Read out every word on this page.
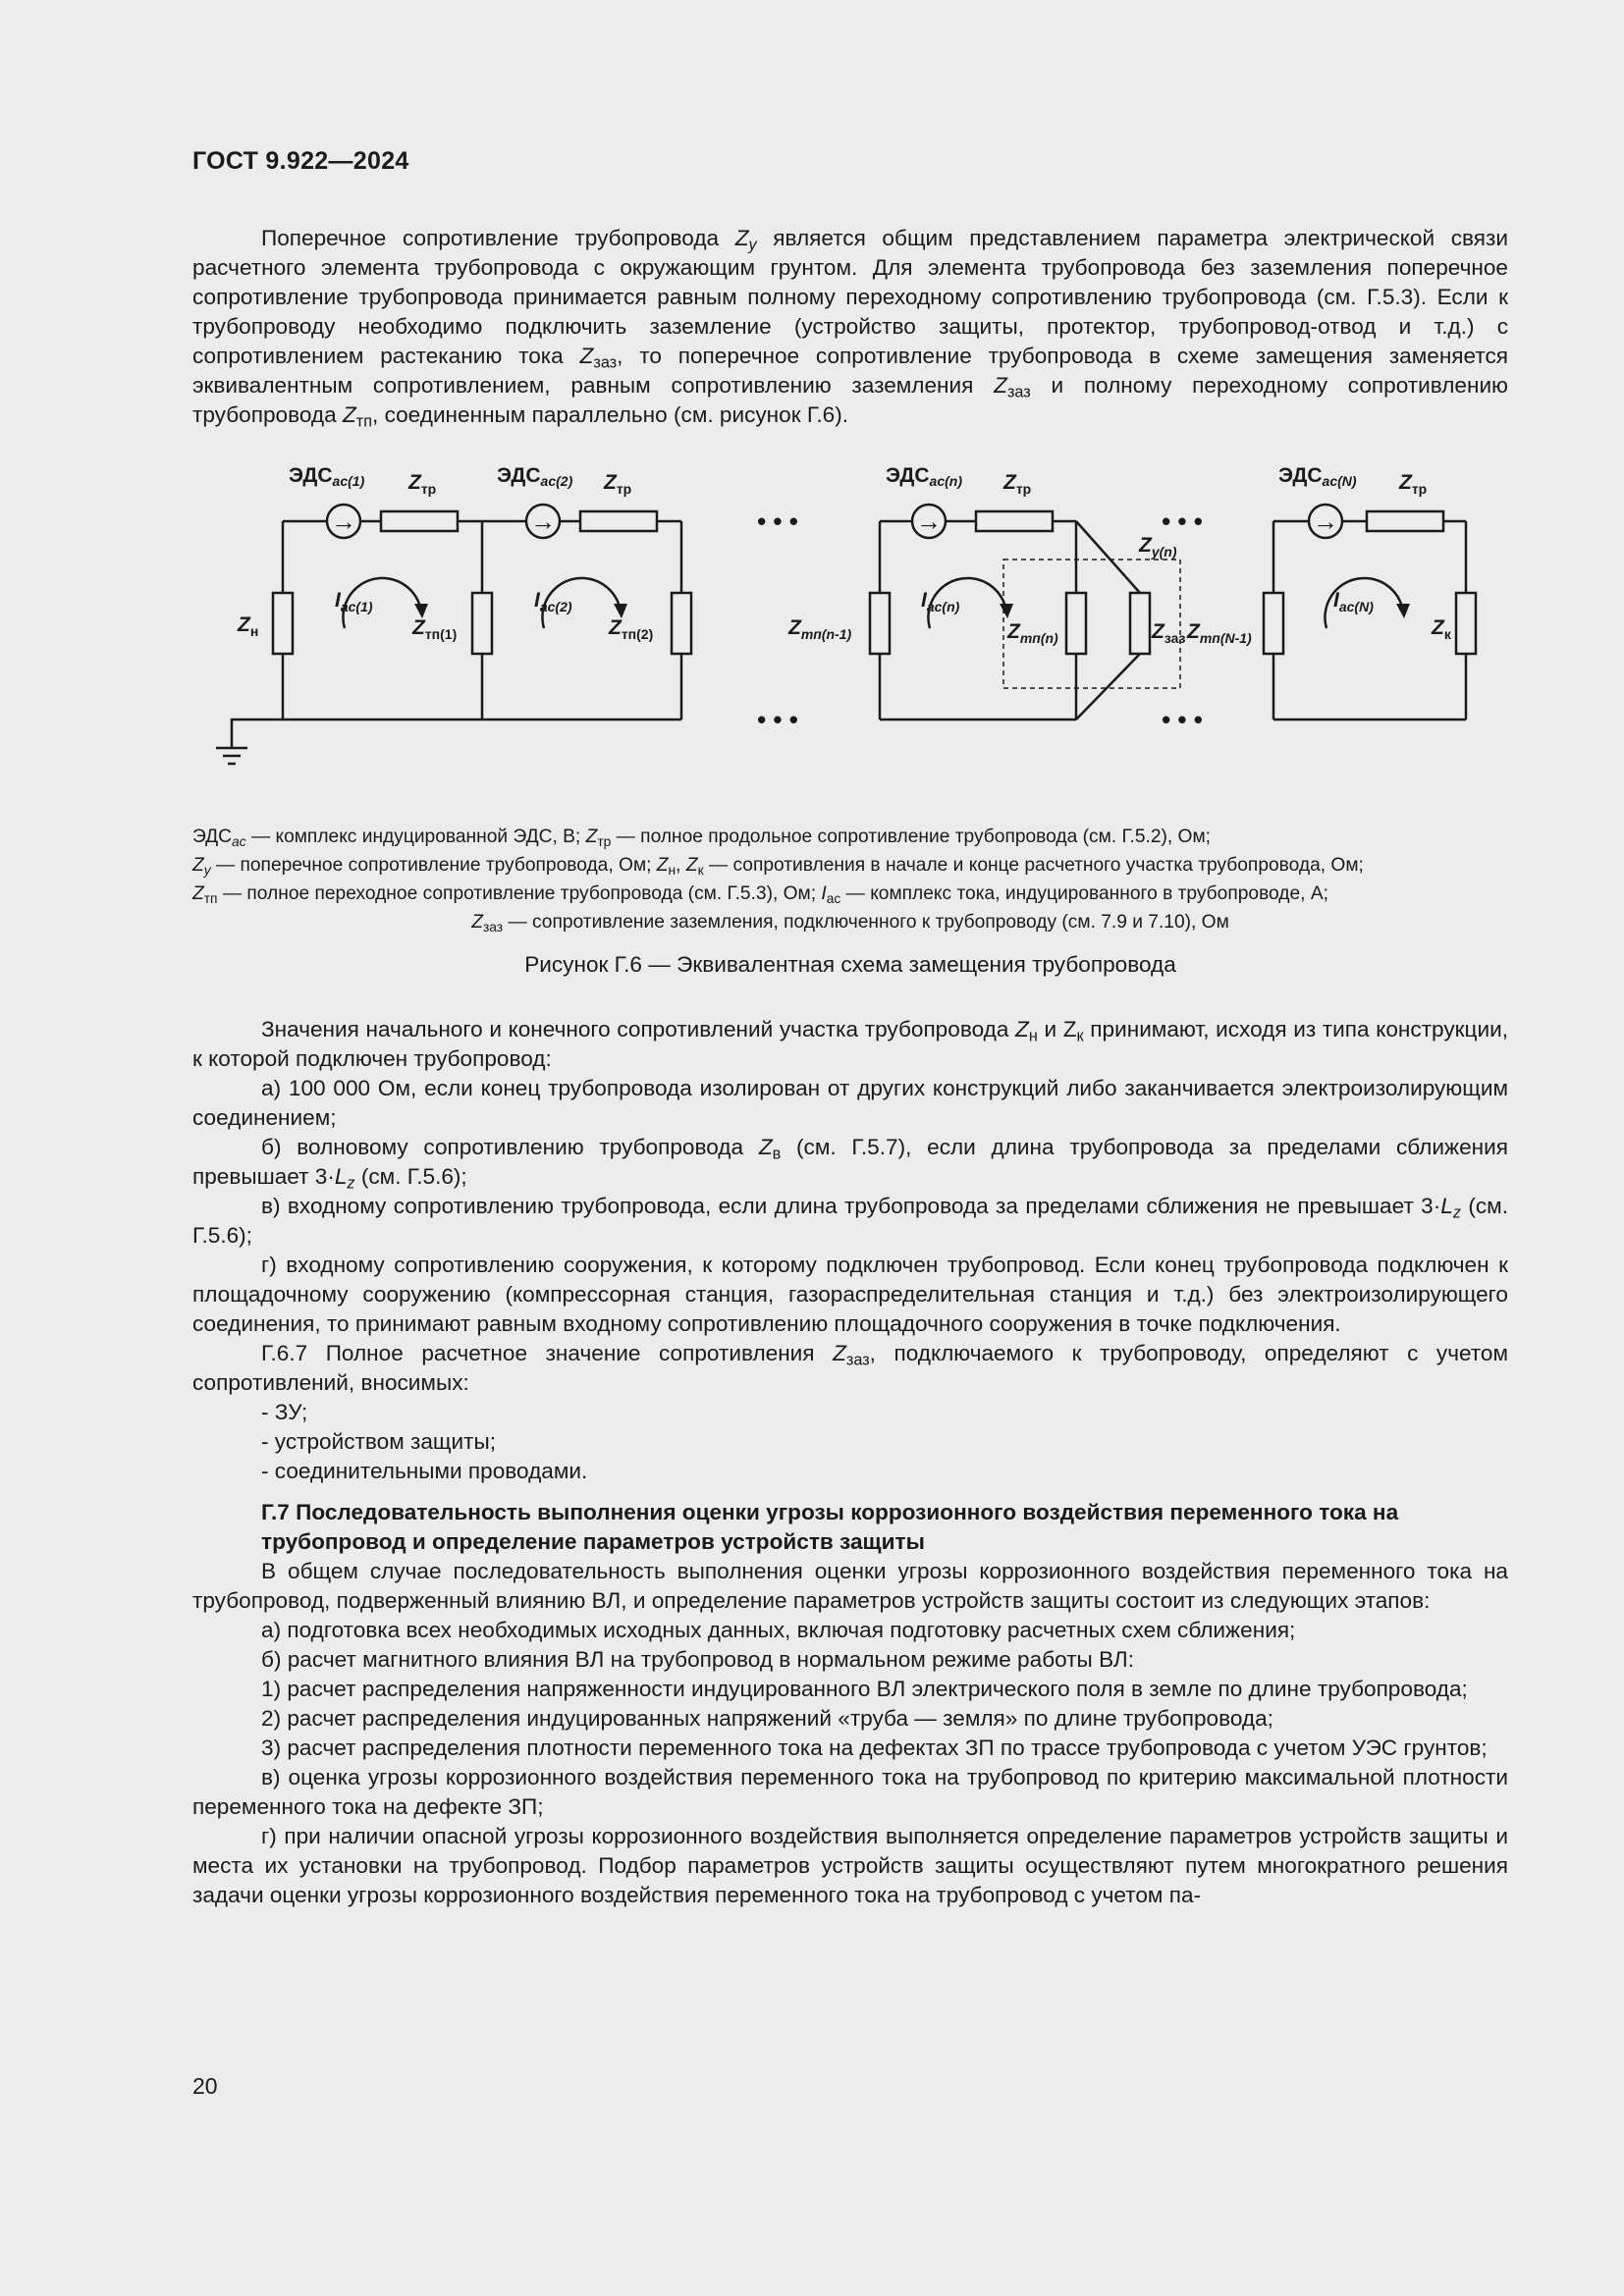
ГОСТ 9.922—2024

Поперечное сопротивление трубопровода $Z_y$ является общим представлением параметра электрической связи расчетного элемента трубопровода с окружающим грунтом. Для элемента трубопровода без заземления поперечное сопротивление трубопровода принимается равным полному переходному сопротивлению трубопровода (см. Г.5.3). Если к трубопроводу необходимо подключить заземление (устройство защиты, протектор, трубопровод-отвод и т.д.) с сопротивлением растеканию тока $Z_{заз}$, то поперечное сопротивление трубопровода в схеме замещения заменяется эквивалентным сопротивлением, равным сопротивлению заземления $Z_{заз}$ и полному переходному сопротивлению трубопровода $Z_{тп}$, соединенным параллельно (см. рисунок Г.6).

→	→	→	→
• • •
• • •
• • •
• • •
ЭДСac(1) $Z_{тр}$
ЭДСac(2) $Z_{тр}$
ЭДСac(n) $Z_{тр}$
ЭДСac(N) $Z_{тр}$
$Z_{y(n)}$
$Z_н$
$I_{ac(1)}$
$Z_{тп(1)}$
$I_{ac(2)}$
$Z_{тп(2)}$	$Z_{тп(n-1)}$
$I_{ac(n)}$
$Z_{тп(n)}$	$Z_{заз}$ $Z_{тп(N-1)}$
$I_{ac(N)}$
$Z_к$
$ЭДС_{ac}$ — комплекс индуцированной ЭДС, В; $Z_{тр}$ — полное продольное сопротивление трубопровода (см. Г.5.2), Ом;
$Z_y$ — поперечное сопротивление трубопровода, Ом; $Z_н$, $Z_к$ — сопротивления в начале и конце расчетного участка трубопровода, Ом;
$Z_{тп}$ — полное переходное сопротивление трубопровода (см. Г.5.3), Ом; $I_{ac}$ — комплекс тока, индуцированного в трубопроводе, А;
$Z_{заз}$ — сопротивление заземления, подключенного к трубопроводу (см. 7.9 и 7.10), Ом
Рисунок Г.6 — Эквивалентная схема замещения трубопровода

Значения начального и конечного сопротивлений участка трубопровода $Z_н$ и $Z_к$ принимают, исходя из типа конструкции, к которой подключен трубопровод:

а) 100 000 Ом, если конец трубопровода изолирован от других конструкций либо заканчивается электроизолирующим соединением;

б) волновому сопротивлению трубопровода $Z_в$ (см. Г.5.7), если длина трубопровода за пределами сближения превышает $3\cdot L_z$ (см. Г.5.6);

в) входному сопротивлению трубопровода, если длина трубопровода за пределами сближения не превышает $3\cdot L_z$ (см. Г.5.6);

г) входному сопротивлению сооружения, к которому подключен трубопровод. Если конец трубопровода подключен к площадочному сооружению (компрессорная станция, газораспределительная станция и т.д.) без электроизолирующего соединения, то принимают равным входному сопротивлению площадочного сооружения в точке подключения.

Г.6.7 Полное расчетное значение сопротивления $Z_{заз}$, подключаемого к трубопроводу, определяют с учетом сопротивлений, вносимых:

- ЗУ;

- устройством защиты;

- соединительными проводами.

Г.7 Последовательность выполнения оценки угрозы коррозионного воздействия переменного тока на трубопровод и определение параметров устройств защиты

В общем случае последовательность выполнения оценки угрозы коррозионного воздействия переменного тока на трубопровод, подверженный влиянию ВЛ, и определение параметров устройств защиты состоит из следующих этапов:

а) подготовка всех необходимых исходных данных, включая подготовку расчетных схем сближения;

б) расчет магнитного влияния ВЛ на трубопровод в нормальном режиме работы ВЛ:

1) расчет распределения напряженности индуцированного ВЛ электрического поля в земле по длине трубопровода;

2) расчет распределения индуцированных напряжений «труба — земля» по длине трубопровода;

3) расчет распределения плотности переменного тока на дефектах ЗП по трассе трубопровода с учетом УЭС грунтов;

в) оценка угрозы коррозионного воздействия переменного тока на трубопровод по критерию максимальной плотности переменного тока на дефекте ЗП;

г) при наличии опасной угрозы коррозионного воздействия выполняется определение параметров устройств защиты и места их установки на трубопровод. Подбор параметров устройств защиты осуществляют путем многократного решения задачи оценки угрозы коррозионного воздействия переменного тока на трубопровод с учетом па-

20
